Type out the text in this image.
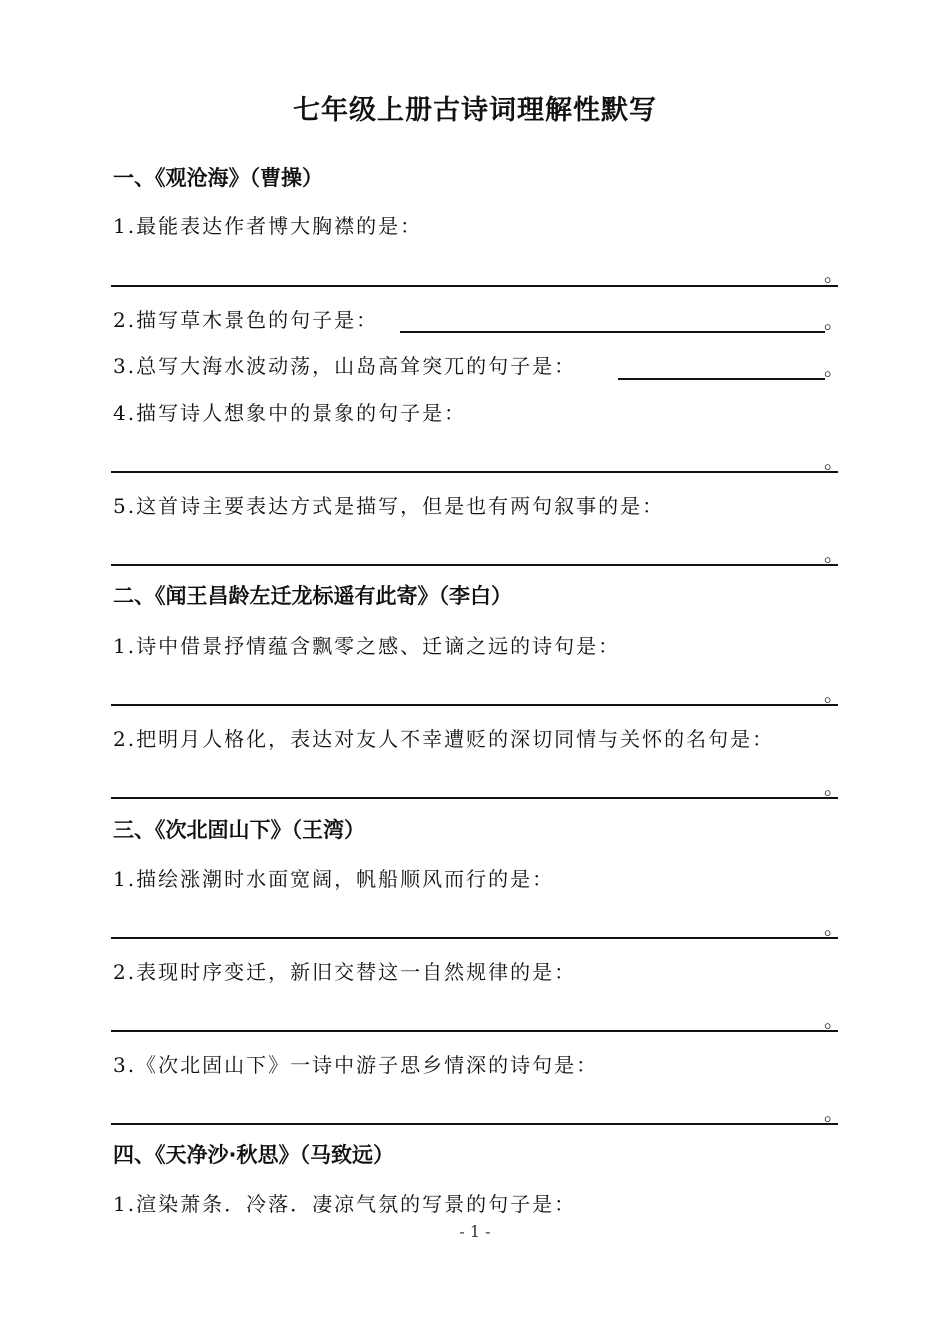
七年级上册古诗词理解性默写
一、《观沧海》（曹操）
1.最能表达作者博大胸襟的是：
。
2.描写草木景色的句子是：	。
3.总写大海水波动荡，山岛高耸突兀的句子是：	。
4.描写诗人想象中的景象的句子是：
。
5.这首诗主要表达方式是描写，但是也有两句叙事的是：
。
二、《闻王昌龄左迁龙标遥有此寄》（李白）
1.诗中借景抒情蕴含飘零之感、迁谪之远的诗句是：
。
2.把明月人格化，表达对友人不幸遭贬的深切同情与关怀的名句是：
。
三、《次北固山下》（王湾）
1.描绘涨潮时水面宽阔，帆船顺风而行的是：
。
2.表现时序变迁，新旧交替这一自然规律的是：
。
3.《次北固山下》一诗中游子思乡情深的诗句是：
。
四、《天净沙·秋思》（马致远）
1.渲染萧条．冷落．凄凉气氛的写景的句子是：
- 1 -
